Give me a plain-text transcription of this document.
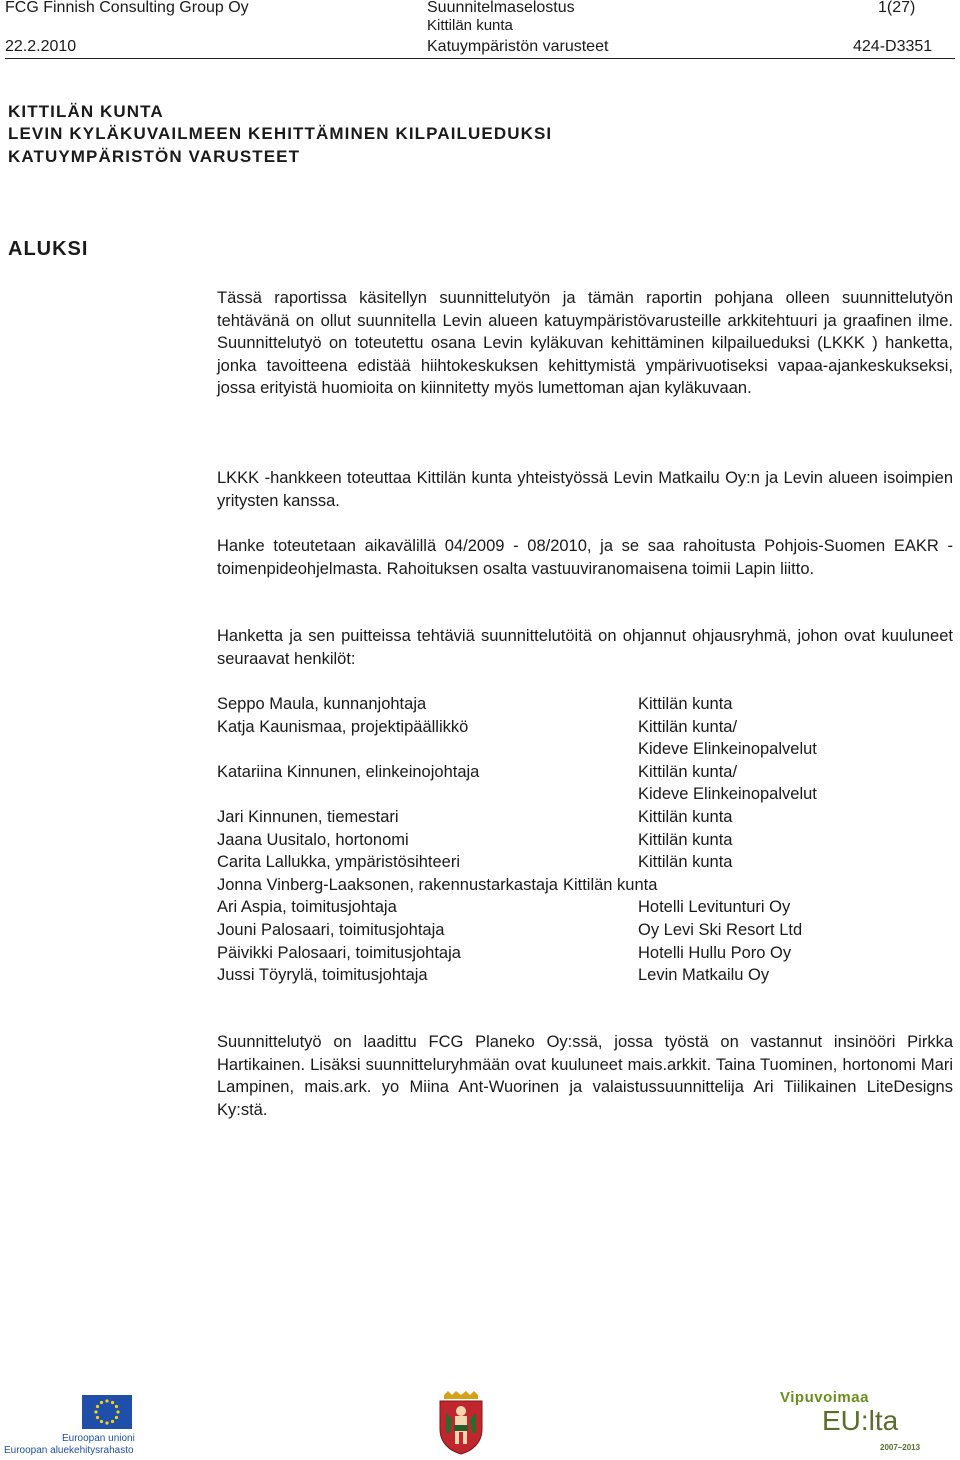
FCG Finnish Consulting Group Oy	Suunnitelmaselostus	1(27)
Kittilän kunta
22.2.2010	Katuympäristön varusteet	424-D3351
KITTILÄN KUNTA
LEVIN KYLÄKUVAILMEEN KEHITTÄMINEN KILPAILUEDUKSI
KATUYMPÄRISTÖN VARUSTEET
ALUKSI

Tässä raportissa käsitellyn suunnittelutyön ja tämän raportin pohjana olleen suunnittelutyön tehtävänä on ollut suunnitella Levin alueen katuympäristövarusteille arkkitehtuuri ja graafinen ilme. Suunnittelutyö on toteutettu osana Levin kyläkuvan kehittäminen kilpailueduksi (LKKK ) hanketta, jonka tavoitteena edistää hiihtokeskuksen kehittymistä ympärivuotiseksi vapaa-ajankeskukseksi, jossa erityistä huomioita on kiinnitetty myös lumettoman ajan kyläkuvaan.

LKKK -hankkeen toteuttaa Kittilän kunta yhteistyössä Levin Matkailu Oy:n ja Levin alueen isoimpien yritysten kanssa.

Hanke toteutetaan aikavälillä 04/2009 - 08/2010, ja se saa rahoitusta Pohjois-Suomen EAKR -toimenpideohjelmasta. Rahoituksen osalta vastuuviranomaisena toimii Lapin liitto.

Hanketta ja sen puitteissa tehtäviä suunnittelutöitä on ohjannut ohjausryhmä, johon ovat kuuluneet seuraavat henkilöt:

Seppo Maula, kunnanjohtaja	Kittilän kunta
Katja Kaunismaa, projektipäällikkö	Kittilän kunta/
Kideve Elinkeinopalvelut
Katariina Kinnunen, elinkeinojohtaja	Kittilän kunta/
Kideve Elinkeinopalvelut
Jari Kinnunen, tiemestari	Kittilän kunta
Jaana Uusitalo, hortonomi	Kittilän kunta
Carita Lallukka, ympäristösihteeri	Kittilän kunta
Jonna Vinberg-Laaksonen, rakennustarkastaja Kittilän kunta
Ari Aspia, toimitusjohtaja	Hotelli Levitunturi Oy
Jouni Palosaari, toimitusjohtaja	Oy Levi Ski Resort Ltd
Päivikki Palosaari, toimitusjohtaja	Hotelli Hullu Poro Oy
Jussi Töyrylä, toimitusjohtaja	Levin Matkailu Oy

Suunnittelutyö on laadittu FCG Planeko Oy:ssä, jossa työstä on vastannut insinööri Pirkka Hartikainen. Lisäksi suunnitteluryhmään ovat kuuluneet mais.arkkit. Taina Tuominen, hortonomi Mari Lampinen, mais.ark. yo Miina Ant-Wuorinen ja valaistussuunnittelija Ari Tiilikainen LiteDesigns Ky:stä.

Euroopan unioni
Euroopan aluekehitysrahasto
Vipuvoimaa
EU:lta
2007–2013
